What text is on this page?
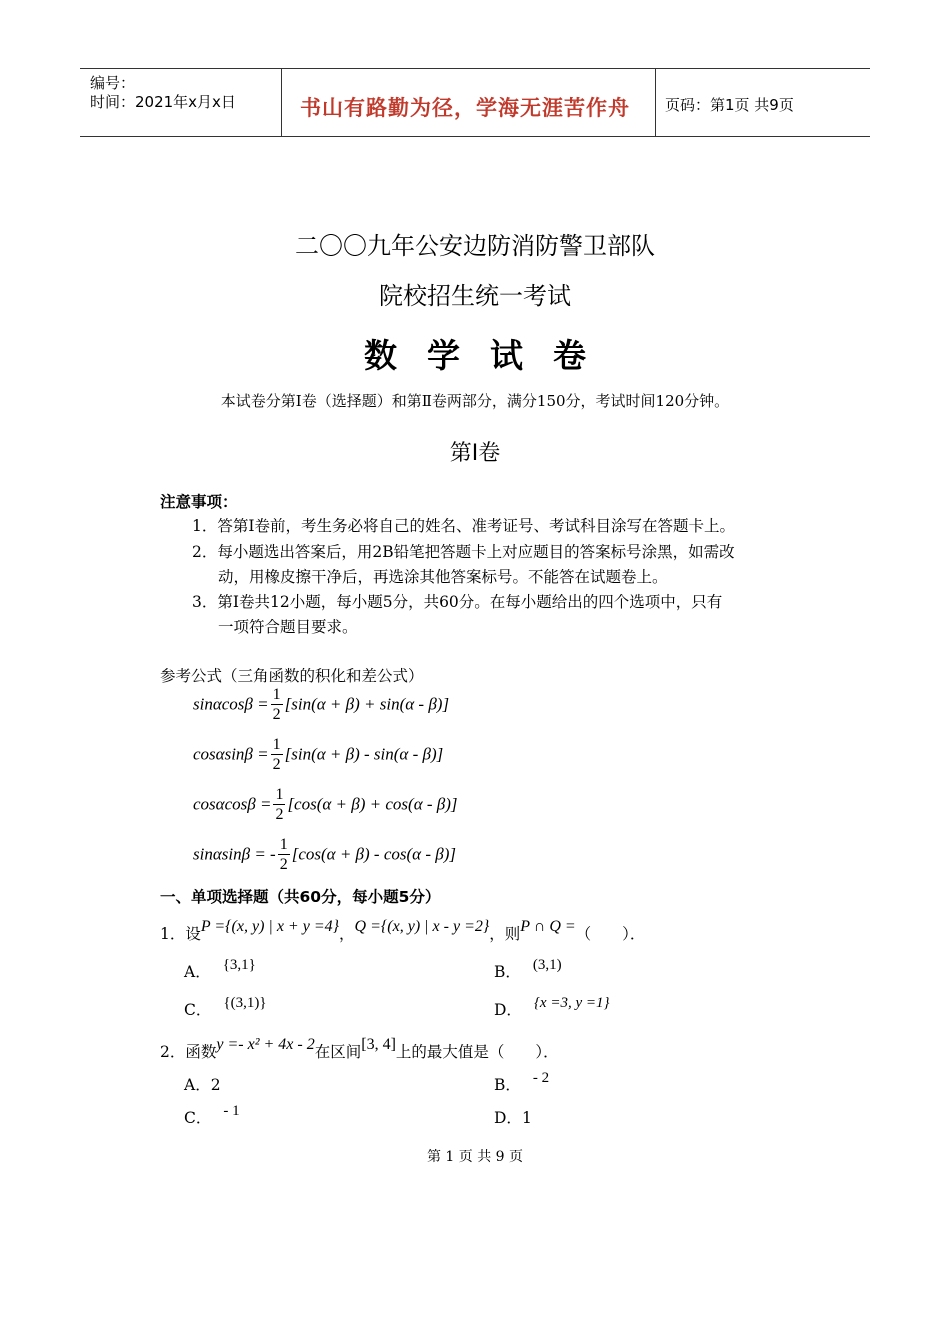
编号：
时间：2021年x月x日	书山有路勤为径，学海无涯苦作舟 页码：第1页 共9页
二〇〇九年公安边防消防警卫部队
院校招生统一考试
数学试卷
本试卷分第Ⅰ卷（选择题）和第Ⅱ卷两部分，满分150分，考试时间120分钟。
第Ⅰ卷
注意事项：
1．答第Ⅰ卷前，考生务必将自己的姓名、准考证号、考试科目涂写在答题卡上。
2．每小题选出答案后，用2B铅笔把答题卡上对应题目的答案标号涂黑，如需改
动，用橡皮擦干净后，再选涂其他答案标号。不能答在试题卷上。
3．第Ⅰ卷共12小题，每小题5分，共60分。在每小题给出的四个选项中，只有
一项符合题目要求。
参考公式（三角函数的积化和差公式）
$\sin\alpha\cos\beta = \frac{1}{2} [\sin(\alpha + \beta) + \sin(\alpha - \beta)]$
$\cos\alpha\sin\beta = \frac{1}{2} [\sin(\alpha + \beta) - \sin(\alpha - \beta)]$
$\cos\alpha\cos\beta = \frac{1}{2} [\cos(\alpha + \beta) + \cos(\alpha - \beta)]$
sinαsinβ = - $\frac{1}{2} [\cos(\alpha + \beta) - \cos(\alpha - \beta)]$
一、单项选择题（共60分，每小题5分）
1．设P ={(x, y) | x + y =4}，Q ={(x, y) | x - y =2}，则P ∩ Q =（　　）．
A． {3,1}	B． (3,1)
C． {(3,1)}	D． {x =3, y =1}
2．函数y =- x² + 4x - 2在区间[3, 4]上的最大值是（　　）．
A．2	B． - 2
C． - 1	D．1
第 1 页 共 9 页
